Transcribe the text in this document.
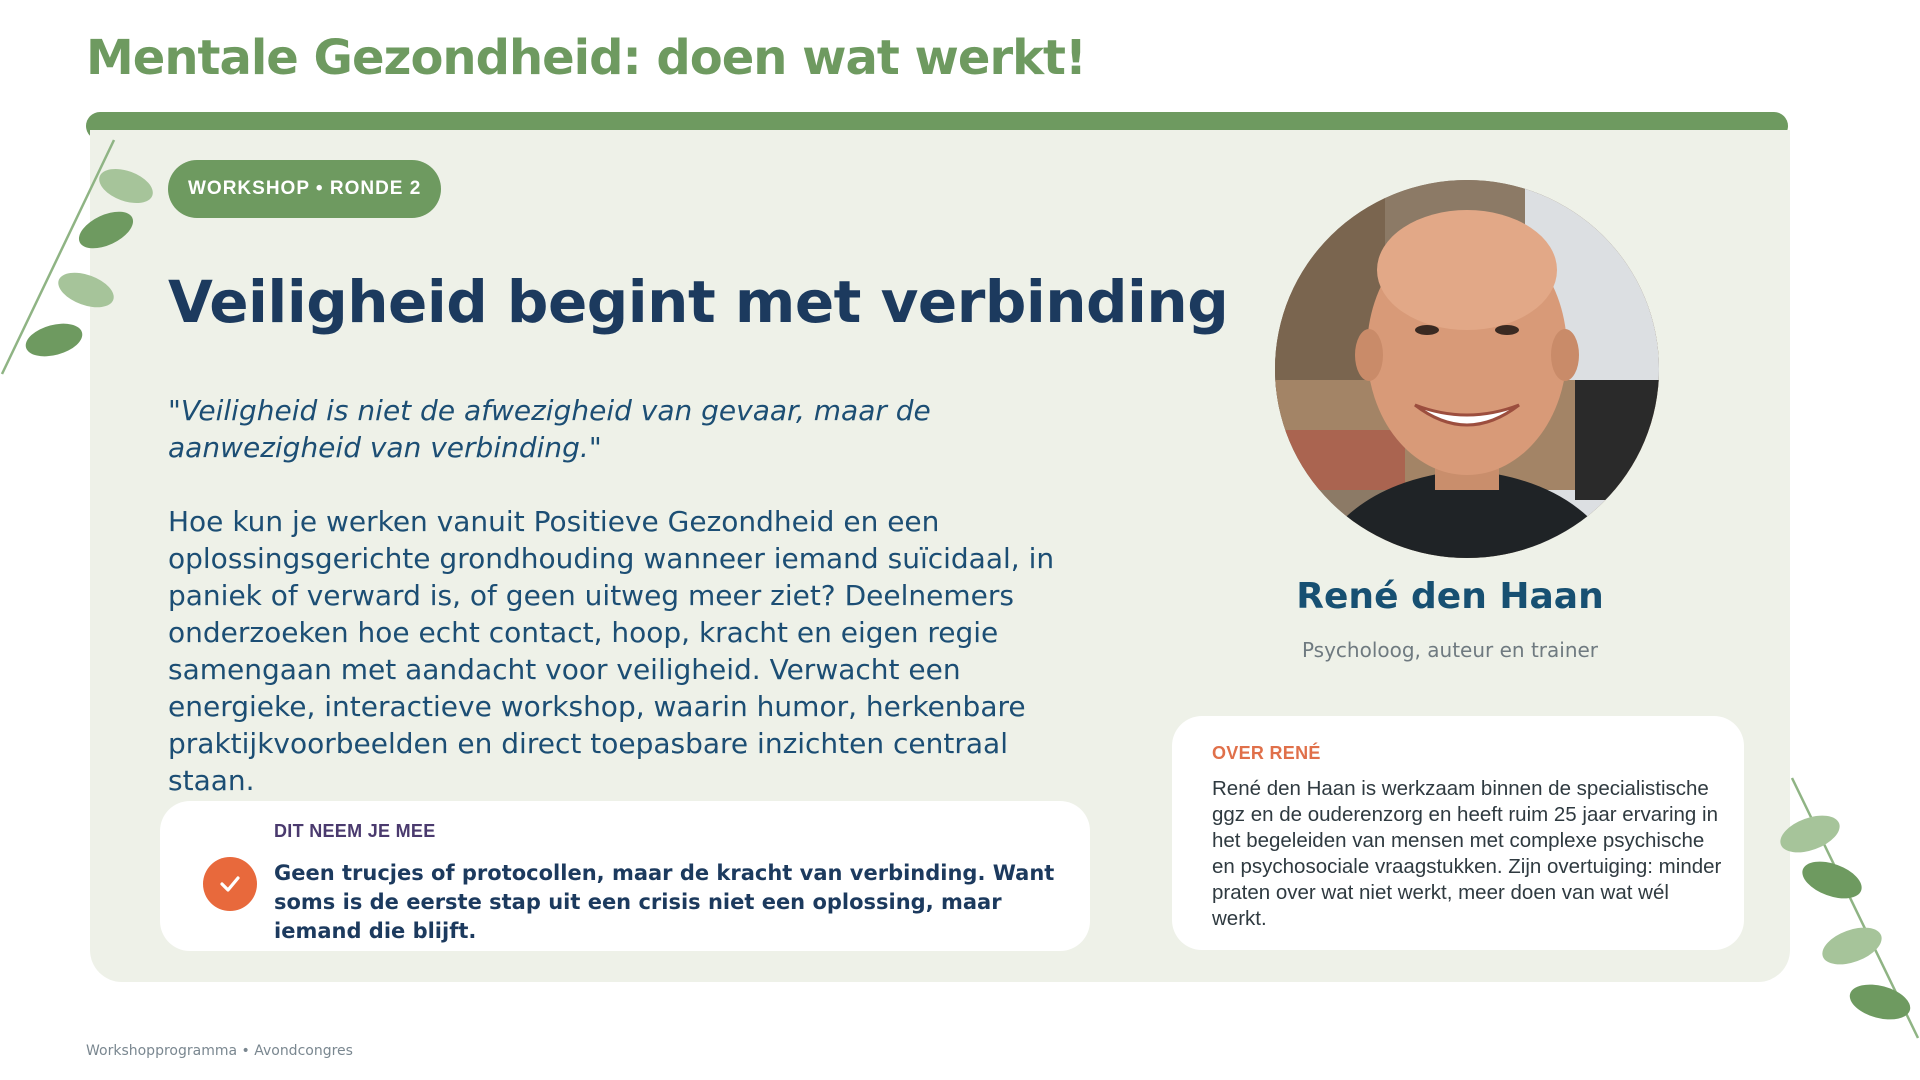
Mentale Gezondheid: doen wat werkt!
WORKSHOP • RONDE 2
Veiligheid begint met verbinding

"Veiligheid is niet de afwezigheid van gevaar, maar de aanwezigheid van verbinding."

Hoe kun je werken vanuit Positieve Gezondheid en een oplossingsgerichte grondhouding wanneer iemand suïcidaal, in paniek of verward is, of geen uitweg meer ziet? Deelnemers onderzoeken hoe echt contact, hoop, kracht en eigen regie samengaan met aandacht voor veiligheid. Verwacht een energieke, interactieve workshop, waarin humor, herkenbare praktijkvoorbeelden en direct toepasbare inzichten centraal staan.

DIT NEEM JE MEE

Geen trucjes of protocollen, maar de kracht van verbinding. Want soms is de eerste stap uit een crisis niet een oplossing, maar iemand die blijft.

René den Haan
Psycholoog, auteur en trainer
OVER RENÉ

René den Haan is werkzaam binnen de specialistische ggz en de ouderenzorg en heeft ruim 25 jaar ervaring in het begeleiden van mensen met complexe psychische en psychosociale vraagstukken. Zijn overtuiging: minder praten over wat niet werkt, meer doen van wat wél werkt.

Workshopprogramma • Avondcongres
